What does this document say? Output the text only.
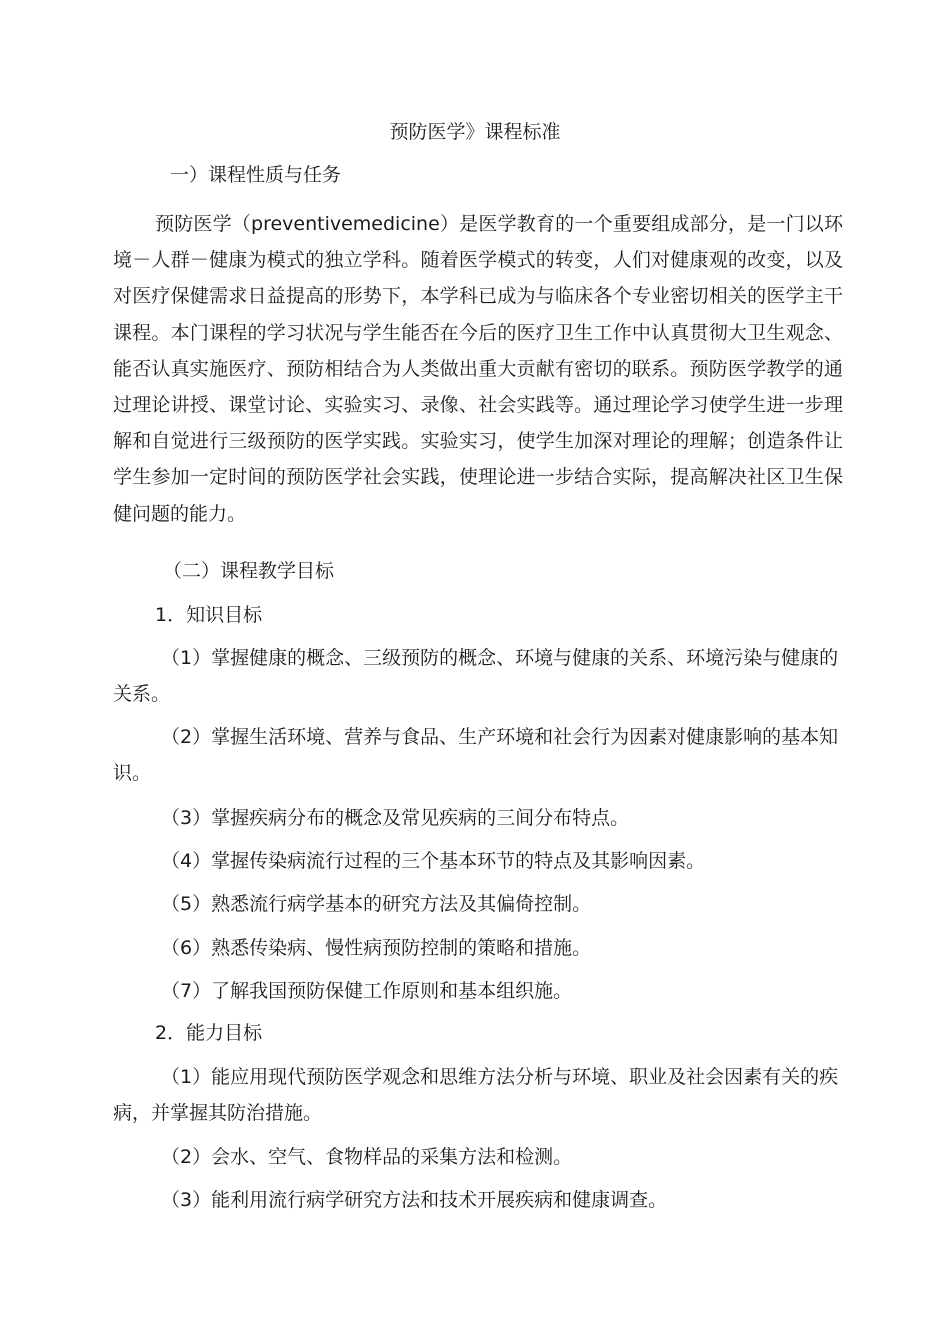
预防医学》课程标准
一）课程性质与任务

预防医学（preventivemedicine）是医学教育的一个重要组成部分，是一门以环境－人群－健康为模式的独立学科。随着医学模式的转变，人们对健康观的改变，以及对医疗保健需求日益提高的形势下，本学科已成为与临床各个专业密切相关的医学主干课程。本门课程的学习状况与学生能否在今后的医疗卫生工作中认真贯彻大卫生观念、能否认真实施医疗、预防相结合为人类做出重大贡献有密切的联系。预防医学教学的通过理论讲授、课堂讨论、实验实习、录像、社会实践等。通过理论学习使学生进一步理解和自觉进行三级预防的医学实践。实验实习，使学生加深对理论的理解；创造条件让学生参加一定时间的预防医学社会实践，使理论进一步结合实际，提高解决社区卫生保健问题的能力。

（二）课程教学目标
1．知识目标

（1）掌握健康的概念、三级预防的概念、环境与健康的关系、环境污染与健康的关系。

（2）掌握生活环境、营养与食品、生产环境和社会行为因素对健康影响的基本知识。

（3）掌握疾病分布的概念及常见疾病的三间分布特点。

（4）掌握传染病流行过程的三个基本环节的特点及其影响因素。

（5）熟悉流行病学基本的研究方法及其偏倚控制。

（6）熟悉传染病、慢性病预防控制的策略和措施。

（7）了解我国预防保健工作原则和基本组织施。

2．能力目标

（1）能应用现代预防医学观念和思维方法分析与环境、职业及社会因素有关的疾病，并掌握其防治措施。

（2）会水、空气、食物样品的采集方法和检测。

（3）能利用流行病学研究方法和技术开展疾病和健康调查。
